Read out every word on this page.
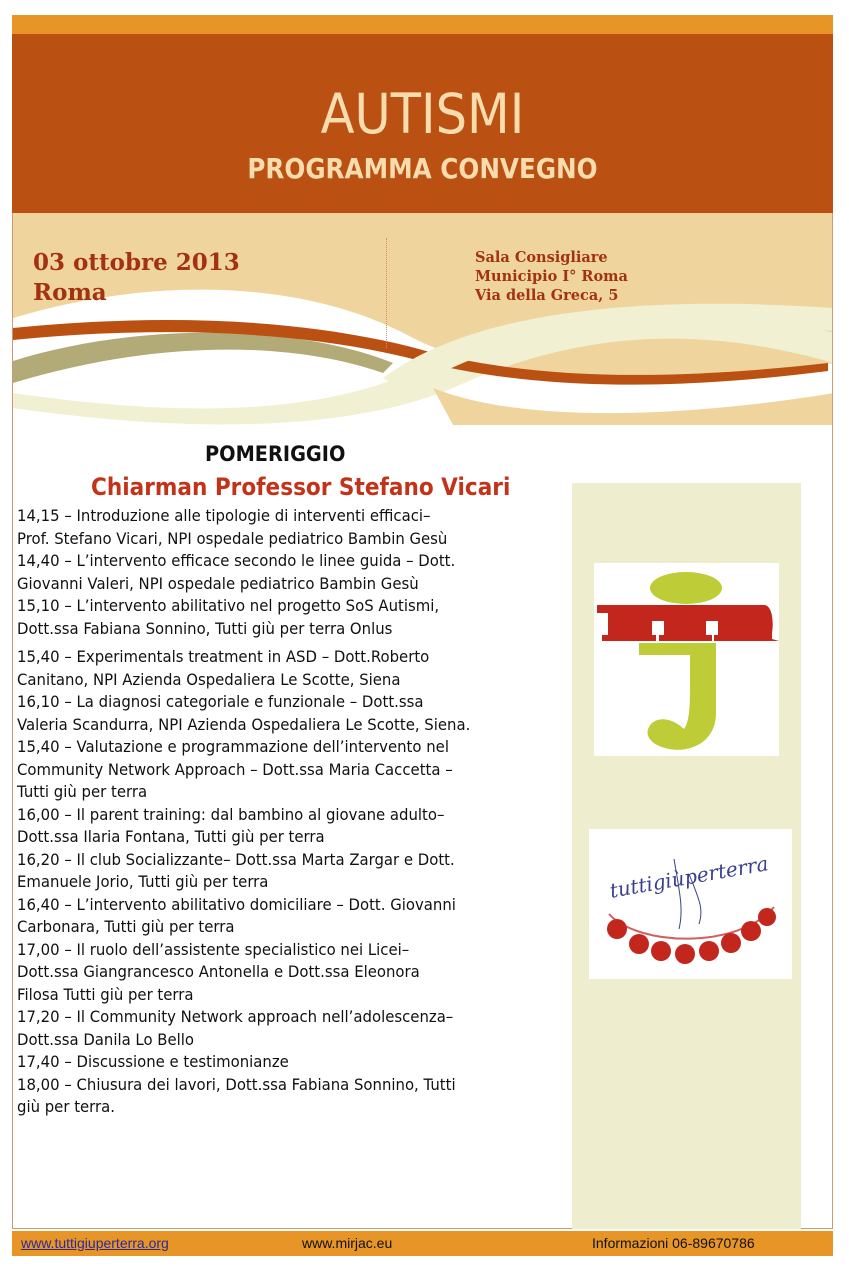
AUTISMI
PROGRAMMA CONVEGNO
03 ottobre 2013
Roma
Sala Consigliare
Municipio I° Roma
Via della Greca, 5
tuttigiùperterra
POMERIGGIO
Chiarman Professor Stefano Vicari
14,15 – Introduzione alle tipologie di interventi efficaci–
Prof. Stefano Vicari, NPI ospedale pediatrico Bambin Gesù
14,40 – L’intervento efficace secondo le linee guida – Dott.
Giovanni Valeri, NPI ospedale pediatrico Bambin Gesù
15,10 – L’intervento abilitativo nel progetto SoS Autismi,
Dott.ssa Fabiana Sonnino, Tutti giù per terra Onlus
15,40 – Experimentals treatment in ASD – Dott.Roberto
Canitano, NPI Azienda Ospedaliera Le Scotte, Siena
16,10 – La diagnosi categoriale e funzionale – Dott.ssa
Valeria Scandurra, NPI Azienda Ospedaliera Le Scotte, Siena.
15,40 – Valutazione e programmazione dell’intervento nel
Community Network Approach – Dott.ssa Maria Caccetta –
Tutti giù per terra
16,00 – Il parent training: dal bambino al giovane adulto–
Dott.ssa Ilaria Fontana, Tutti giù per terra
16,20 – Il club Socializzante– Dott.ssa Marta Zargar e Dott.
Emanuele Jorio, Tutti giù per terra
16,40 – L’intervento abilitativo domiciliare – Dott. Giovanni
Carbonara, Tutti giù per terra
17,00 – Il ruolo dell’assistente specialistico nei Licei–
Dott.ssa Giangrancesco Antonella e Dott.ssa Eleonora
Filosa Tutti giù per terra
17,20 – Il Community Network approach nell’adolescenza–
Dott.ssa Danila Lo Bello
17,40 – Discussione e testimonianze
18,00 – Chiusura dei lavori, Dott.ssa Fabiana Sonnino, Tutti
giù per terra.
www.tuttigiuperterra.org	www.mirjac.eu	Informazioni 06-89670786
